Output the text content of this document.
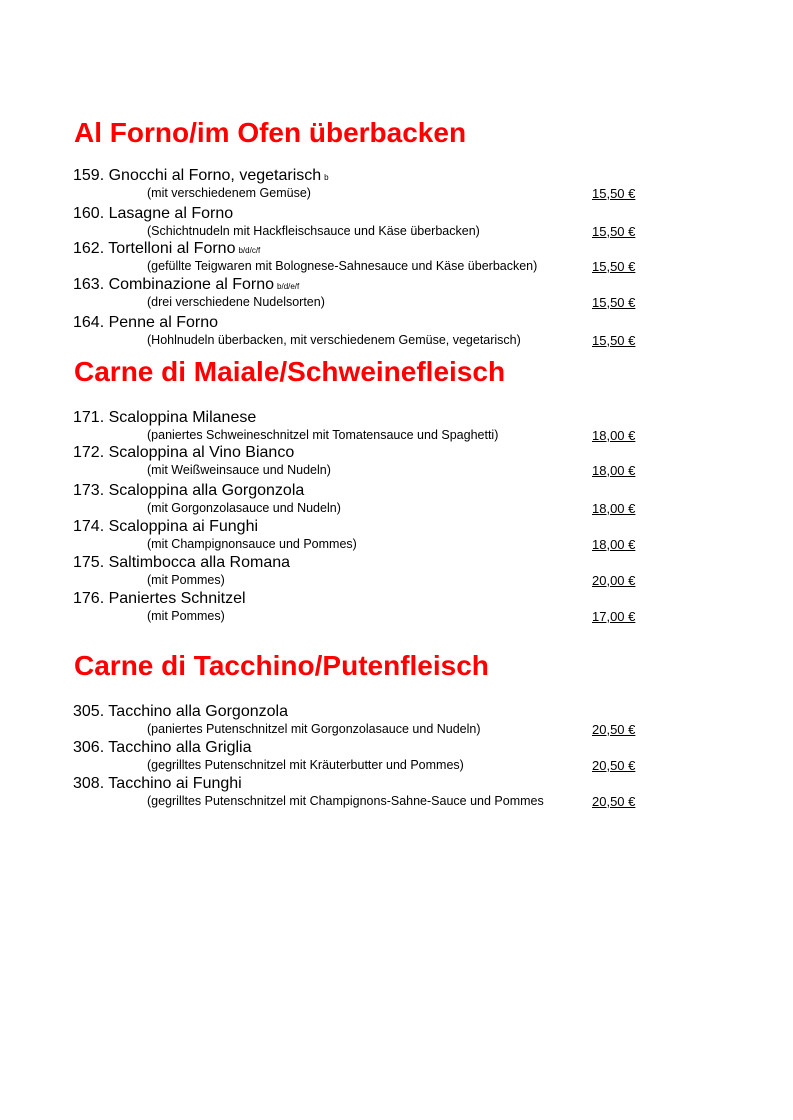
Al Forno/im Ofen überbacken
159. Gnocchi al Forno, vegetarisch b
(mit verschiedenem Gemüse)	15,50 €
160. Lasagne al Forno
(Schichtnudeln mit Hackfleischsauce und Käse überbacken)	15,50 €
162. Tortelloni al Forno b/d/c/f
(gefüllte Teigwaren mit Bolognese-Sahnesauce und Käse überbacken)	15,50 €
163. Combinazione al Forno b/d/e/f
(drei verschiedene Nudelsorten)	15,50 €
164. Penne al Forno
(Hohlnudeln überbacken, mit verschiedenem Gemüse, vegetarisch)	15,50 €
Carne di Maiale/Schweinefleisch
171. Scaloppina Milanese
(paniertes Schweineschnitzel mit Tomatensauce und Spaghetti)	18,00 €
172. Scaloppina al Vino Bianco
(mit Weißweinsauce und Nudeln)	18,00 €
173. Scaloppina alla Gorgonzola
(mit Gorgonzolasauce und Nudeln)	18,00 €
174. Scaloppina ai Funghi
(mit Champignonsauce und Pommes)	18,00 €
175. Saltimbocca alla Romana
(mit Pommes)	20,00 €
176. Paniertes Schnitzel
(mit Pommes)	17,00 €
Carne di Tacchino/Putenfleisch
305. Tacchino alla Gorgonzola
(paniertes Putenschnitzel mit Gorgonzolasauce und Nudeln)	20,50 €
306. Tacchino alla Griglia
(gegrilltes Putenschnitzel mit Kräuterbutter und Pommes)	20,50 €
308. Tacchino ai Funghi
(gegrilltes Putenschnitzel mit Champignons-Sahne-Sauce und Pommes	20,50 €
